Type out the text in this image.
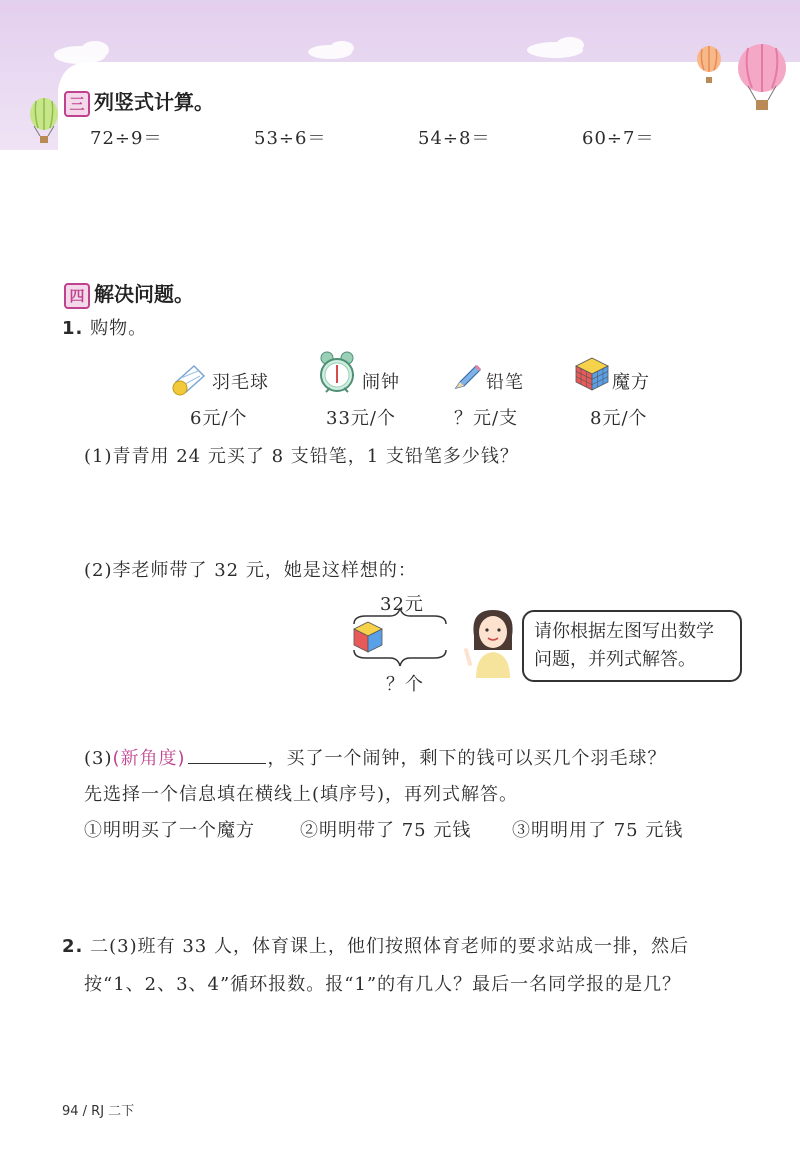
三 列竖式计算。
72÷9＝	53÷6＝	54÷8＝	60÷7＝
四 解决问题。
1. 购物。
羽毛球	闹钟	铅笔	魔方
6元/个	33元/个	？元/支	8元/个
(1)青青用 24 元买了 8 支铅笔，1 支铅笔多少钱？
(2)李老师带了 32 元，她是这样想的：
32元
？个
请你根据左图写出数学
问题，并列式解答。
(3)(新角度)	，买了一个闹钟，剩下的钱可以买几个羽毛球？
先选择一个信息填在横线上(填序号)，再列式解答。
①明明买了一个魔方	②明明带了 75 元钱 ③明明用了 75 元钱
2. 二(3)班有 33 人，体育课上，他们按照体育老师的要求站成一排，然后
按“1、2、3、4”循环报数。报“1”的有几人？最后一名同学报的是几？
94 / RJ 二下
